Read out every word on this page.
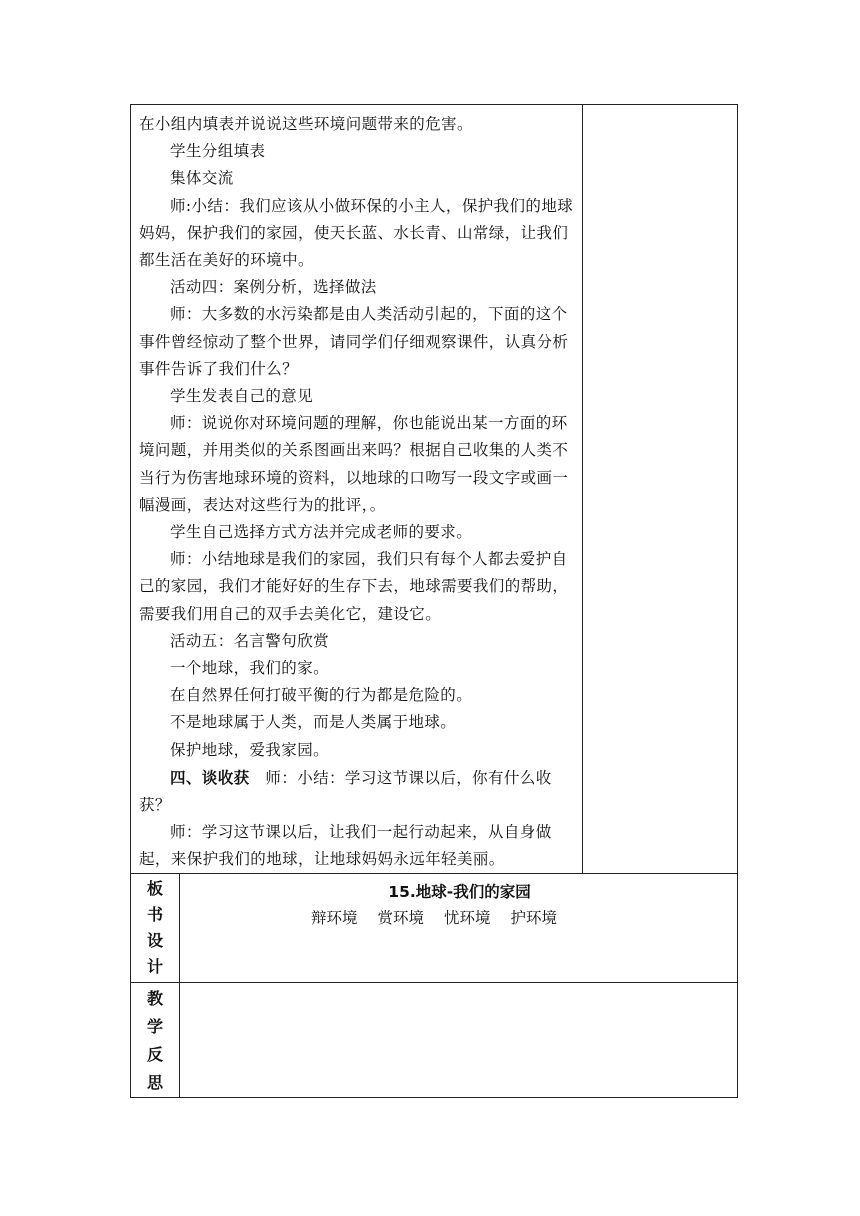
在小组内填表并说说这些环境问题带来的危害。

学生分组填表

集体交流

师:小结：我们应该从小做环保的小主人，保护我们的地球妈妈，保护我们的家园，使天长蓝、水长青、山常绿，让我们都生活在美好的环境中。

活动四：案例分析，选择做法

师：大多数的水污染都是由人类活动引起的，下面的这个事件曾经惊动了整个世界，请同学们仔细观察课件，认真分析事件告诉了我们什么？

学生发表自己的意见

师：说说你对环境问题的理解，你也能说出某一方面的环境问题，并用类似的关系图画出来吗？根据自己收集的人类不当行为伤害地球环境的资料，以地球的口吻写一段文字或画一幅漫画，表达对这些行为的批评，。

学生自己选择方式方法并完成老师的要求。

师：小结地球是我们的家园，我们只有每个人都去爱护自己的家园，我们才能好好的生存下去，地球需要我们的帮助，需要我们用自己的双手去美化它，建设它。

活动五：名言警句欣赏

一个地球，我们的家。

在自然界任何打破平衡的行为都是危险的。

不是地球属于人类，而是人类属于地球。

保护地球，爱我家园。

四、谈收获　师：小结：学习这节课以后，你有什么收获？

师：学习这节课以后，让我们一起行动起来，从自身做起，来保护我们的地球，让地球妈妈永远年轻美丽。

板
书
设
计
15.地球-我们的家园
辩环境 赏环境 忧环境 护环境
教
学
反
思
